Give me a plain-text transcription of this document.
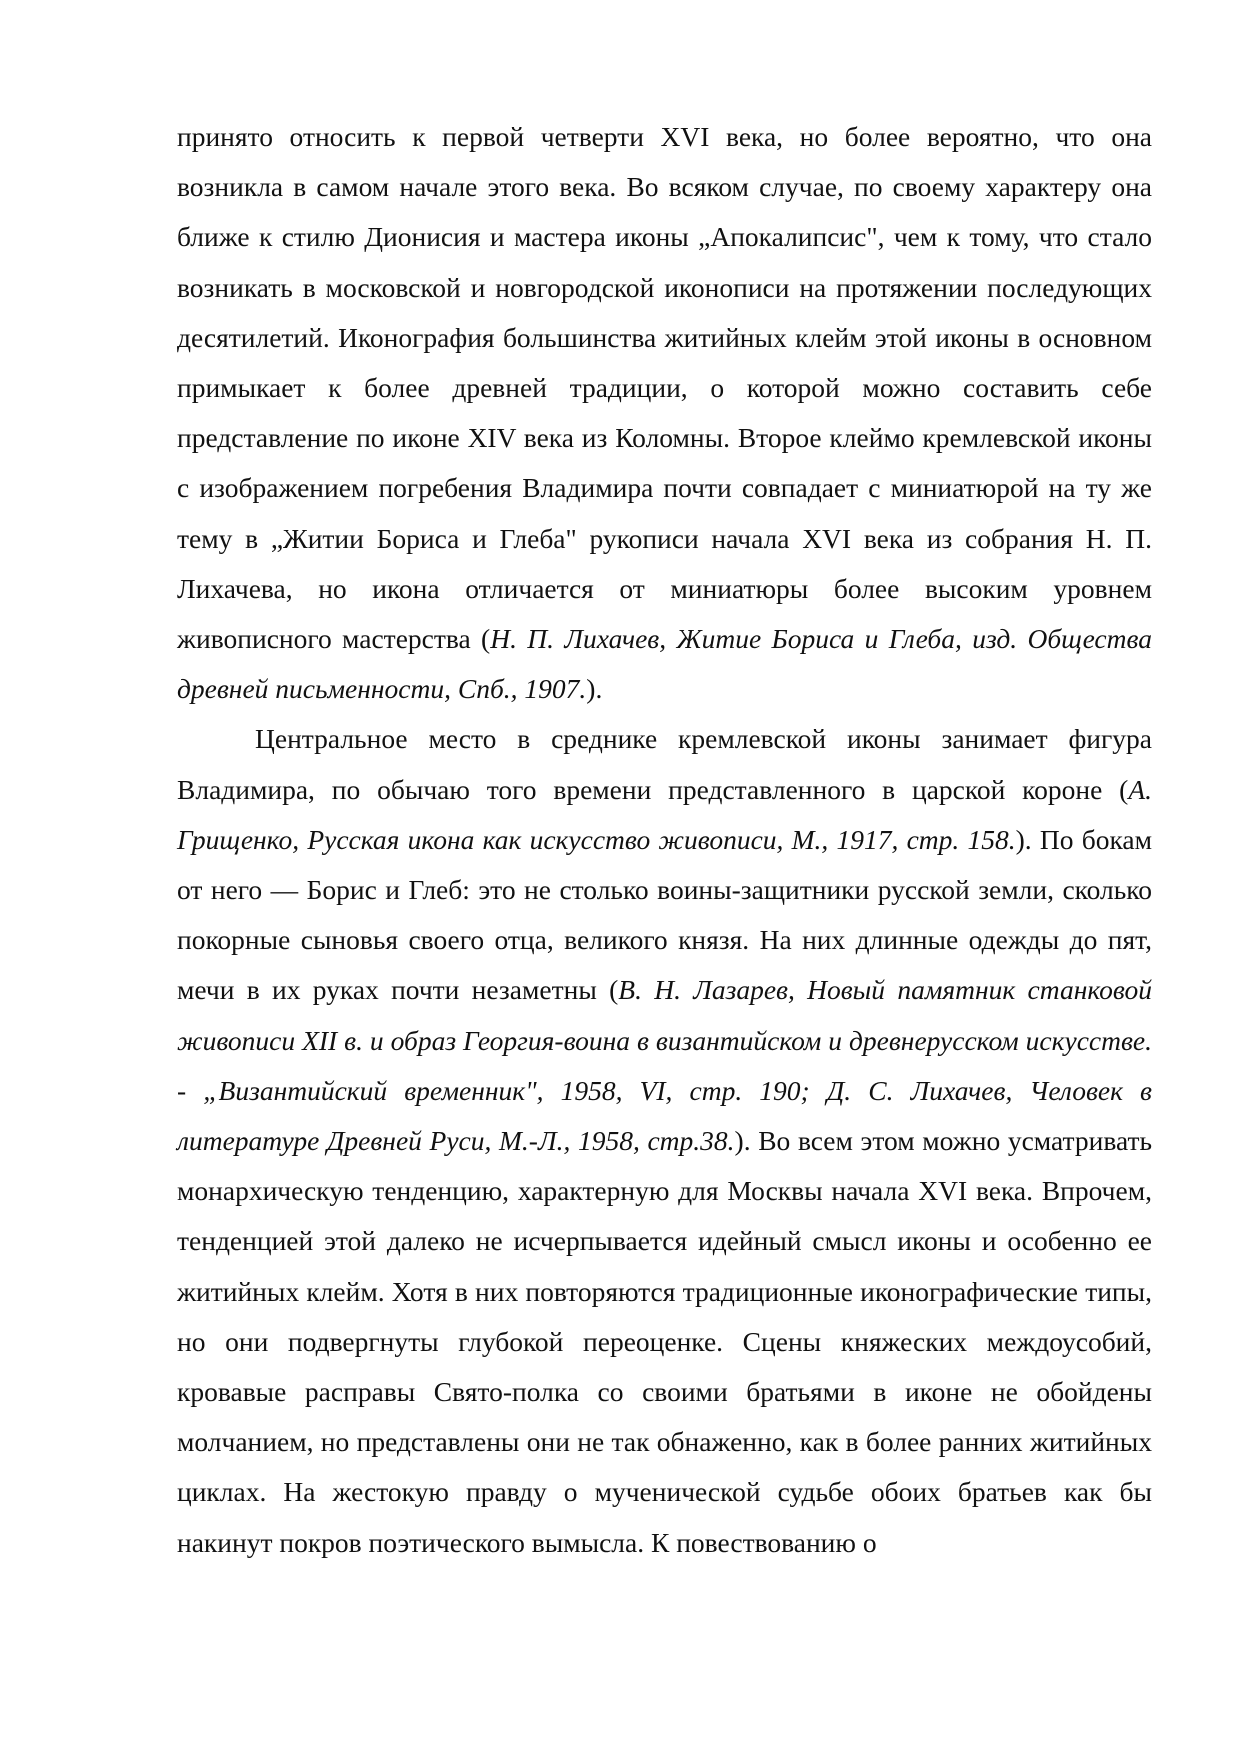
принято относить к первой четверти XVI века, но более вероятно, что она возникла в самом начале этого века. Во всяком случае, по своему характеру она ближе к стилю Дионисия и мастера иконы „Апокалипсис", чем к тому, что стало возникать в московской и новгородской иконописи на протяжении последующих десятилетий. Иконография большинства житийных клейм этой иконы в основном примыкает к более древней традиции, о которой можно составить себе представление по иконе XIV века из Коломны. Второе клеймо кремлевской иконы с изображением погребения Владимира почти совпадает с миниатюрой на ту же тему в „Житии Бориса и Глеба" рукописи начала XVI века из собрания Н. П. Лихачева, но икона отличается от миниатюры более высоким уровнем живописного мастерства (Н. П. Лихачев, Житие Бориса и Глеба, изд. Общества древней письменности, Спб., 1907.).

Центральное место в среднике кремлевской иконы занимает фигура Владимира, по обычаю того времени представленного в царской короне (А. Грищенко, Русская икона как искусство живописи, М., 1917, стр. 158.). По бокам от него — Борис и Глеб: это не столько воины-защитники русской земли, сколько покорные сыновья своего отца, великого князя. На них длинные одежды до пят, мечи в их руках почти незаметны (В. Н. Лазарев, Новый памятник станковой живописи XII в. и образ Георгия-воина в византийском и древнерусском искусстве. - „Византийский временник", 1958, VI, стр. 190; Д. С. Лихачев, Человек в литературе Древней Руси, М.-Л., 1958, стр.38.). Во всем этом можно усматривать монархическую тенденцию, характерную для Москвы начала XVI века. Впрочем, тенденцией этой далеко не исчерпывается идейный смысл иконы и особенно ее житийных клейм. Хотя в них повторяются традиционные иконографические типы, но они подвергнуты глубокой переоценке. Сцены княжеских междоусобий, кровавые расправы Свято-полка со своими братьями в иконе не обойдены молчанием, но представлены они не так обнаженно, как в более ранних житийных циклах. На жестокую правду о мученической судьбе обоих братьев как бы накинут покров поэтического вымысла. К повествованию о
